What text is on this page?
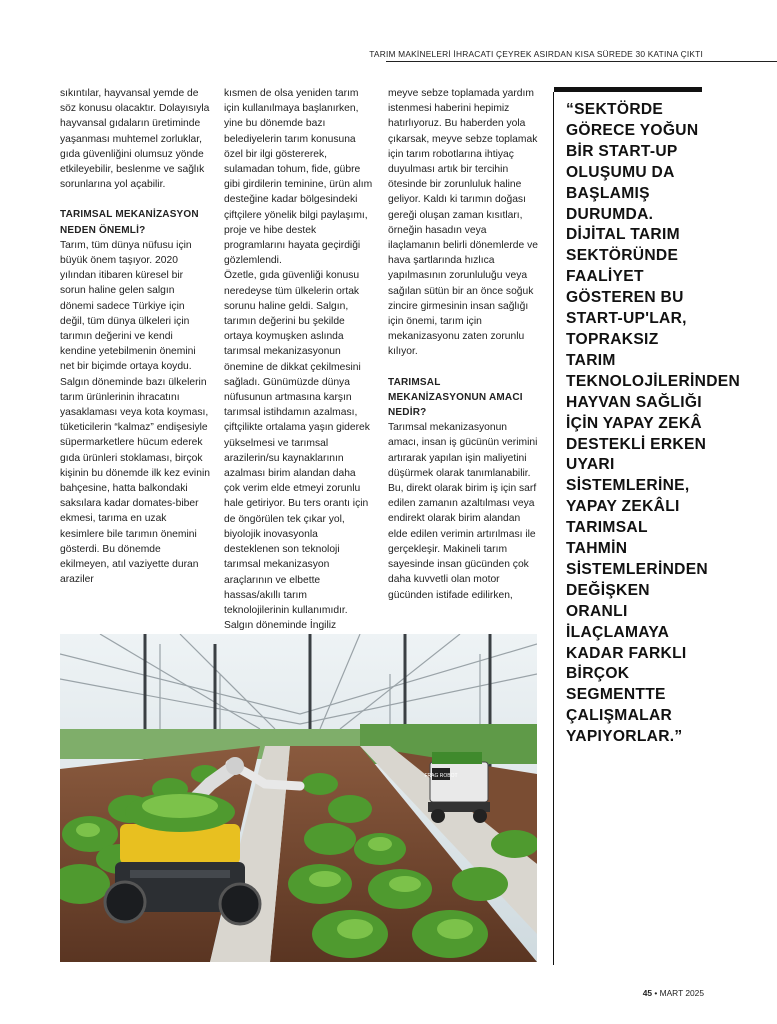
TARIM MAKİNELERİ İHRACATI ÇEYREK ASIRDAN KISA SÜREDE 30 KATINA ÇIKTI

sıkıntılar, hayvansal yemde de söz konusu olacaktır. Dolayısıyla hayvansal gıdaların üretiminde yaşanması muhtemel zorluklar, gıda güvenliğini olumsuz yönde etkileyebilir, beslenme ve sağlık sorunlarına yol açabilir.

TARIMSAL MEKANİZASYON NEDEN ÖNEMLİ?

Tarım, tüm dünya nüfusu için büyük önem taşıyor. 2020 yılından itibaren küresel bir sorun haline gelen salgın dönemi sadece Türkiye için değil, tüm dünya ülkeleri için tarımın değerini ve kendi kendine yetebilmenin önemini net bir biçimde ortaya koydu. Salgın döneminde bazı ülkelerin tarım ürünlerinin ihracatını yasaklaması veya kota koyması, tüketicilerin “kalmaz” endişesiyle süpermarketlere hücum ederek gıda ürünleri stoklaması, birçok kişinin bu dönemde ilk kez evinin bahçesine, hatta balkondaki saksılara kadar domates-biber ekmesi, tarıma en uzak kesimlere bile tarımın önemini gösterdi. Bu dönemde ekilmeyen, atıl vaziyette duran araziler

kısmen de olsa yeniden tarım için kullanılmaya başlanırken, yine bu dönemde bazı belediyelerin tarım konusuna özel bir ilgi göstererek, sulamadan tohum, fide, gübre gibi girdilerin teminine, ürün alım desteğine kadar bölgesindeki çiftçilere yönelik bilgi paylaşımı, proje ve hibe destek programlarını hayata geçirdiği gözlemlendi.

Özetle, gıda güvenliği konusu neredeyse tüm ülkelerin ortak sorunu haline geldi. Salgın, tarımın değerini bu şekilde ortaya koymuşken aslında tarımsal mekanizasyonun önemine de dikkat çekilmesini sağladı. Günümüzde dünya nüfusunun artmasına karşın tarımsal istihdamın azalması, çiftçilikte ortalama yaşın giderek yükselmesi ve tarımsal arazilerin/su kaynaklarının azalması birim alandan daha çok verim elde etmeyi zorunlu hale getiriyor. Bu ters orantı için de öngörülen tek çıkar yol, biyolojik inovasyonla desteklenen son teknoloji tarımsal mekanizasyon araçlarının ve elbette hassas/akıllı tarım teknolojilerinin kullanımıdır. Salgın döneminde İngiliz

meyve sebze toplamada yardım istenmesi haberini hepimiz hatırlıyoruz. Bu haberden yola çıkarsak, meyve sebze toplamak için tarım robotlarına ihtiyaç duyulması artık bir tercihin ötesinde bir zorunluluk haline geliyor. Kaldı ki tarımın doğası gereği oluşan zaman kısıtları, örneğin hasadın veya ilaçlamanın belirli dönemlerde ve hava şartlarında hızlıca yapılmasının zorunluluğu veya sağılan sütün bir an önce soğuk zincire girmesinin insan sağlığı için önemi, tarım için mekanizasyonu zaten zorunlu kılıyor.

TARIMSAL MEKANİZASYONUN AMACI NEDİR?

Tarımsal mekanizasyonun amacı, insan iş gücünün verimini artırarak yapılan işin maliyetini düşürmek olarak tanımlanabilir. Bu, direkt olarak birim iş için sarf edilen zamanın azaltılması veya endirekt olarak birim alandan elde edilen verimin artırılması ile gerçekleşir. Makineli tarım sayesinde insan gücünden çok daha kuvvetli olan motor gücünden istifade edilirken,

“SEKTÖRDE GÖRECE YOĞUN BİR START-UP OLUŞUMU DA BAŞLAMIŞ DURUMDA. DİJİTAL TARIM SEKTÖRÜNDE FAALİYET GÖSTEREN BU START-UP'LAR, TOPRAKSIZ TARIM TEKNOLOJİLERİNDEN HAYVAN SAĞLIĞI İÇİN YAPAY ZEKÂ DESTEKLİ ERKEN UYARI SİSTEMLERİNE, YAPAY ZEKÂLI TARIMSAL TAHMİN SİSTEMLERİNDEN DEĞİŞKEN ORANLI İLAÇLAMAYA KADAR FARKLI BİRÇOK SEGMENTTE ÇALIŞMALAR YAPIYORLAR.”
FRAG ROBOT
45 • MART 2025
